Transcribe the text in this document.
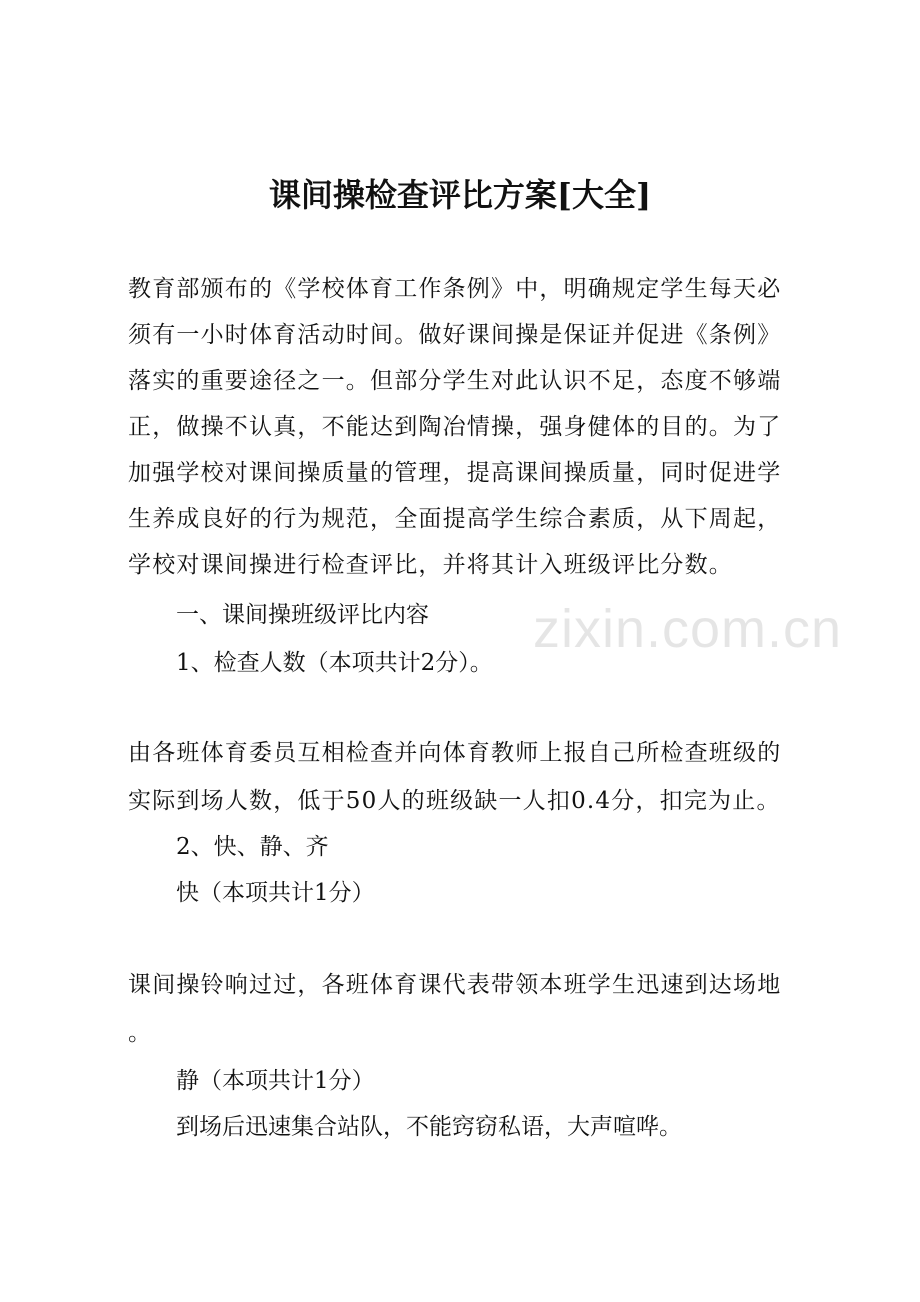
zixin.com.cn
课间操检查评比方案[大全]
教育部颁布的《学校体育工作条例》中，明确规定学生每天必
须有一小时体育活动时间。做好课间操是保证并促进《条例》
落实的重要途径之一。但部分学生对此认识不足，态度不够端
正，做操不认真，不能达到陶冶情操，强身健体的目的。为了
加强学校对课间操质量的管理，提高课间操质量，同时促进学
生养成良好的行为规范，全面提高学生综合素质，从下周起，
学校对课间操进行检查评比，并将其计入班级评比分数。
一、课间操班级评比内容
1、检查人数（本项共计2分）。
由各班体育委员互相检查并向体育教师上报自己所检查班级的
实际到场人数，低于50人的班级缺一人扣0.4分，扣完为止。
2、快、静、齐
快（本项共计1分）
课间操铃响过过，各班体育课代表带领本班学生迅速到达场地
。
静（本项共计1分）
到场后迅速集合站队，不能窍窃私语，大声喧哗。
